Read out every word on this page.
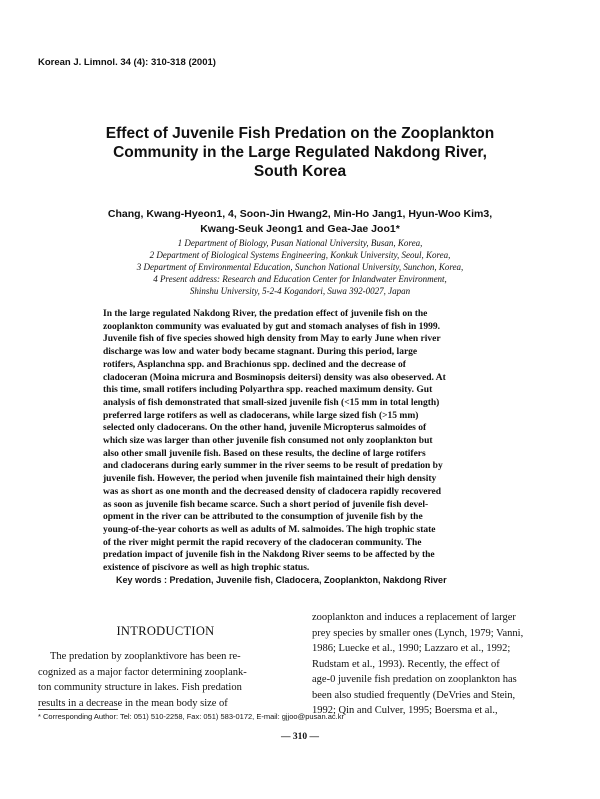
Korean J. Limnol. 34 (4): 310-318 (2001)
Effect of Juvenile Fish Predation on the Zooplankton
Community in the Large Regulated Nakdong River,
South Korea
Chang, Kwang-Hyeon1, 4, Soon-Jin Hwang2, Min-Ho Jang1, Hyun-Woo Kim3,
Kwang-Seuk Jeong1 and Gea-Jae Joo1*
1 Department of Biology, Pusan National University, Busan, Korea,
2 Department of Biological Systems Engineering, Konkuk University, Seoul, Korea,
3 Department of Environmental Education, Sunchon National University, Sunchon, Korea,
4 Present address: Research and Education Center for Inlandwater Environment,
Shinshu University, 5-2-4 Kogandori, Suwa 392-0027, Japan
In the large regulated Nakdong River, the predation effect of juvenile fish on the
zooplankton community was evaluated by gut and stomach analyses of fish in 1999.
Juvenile fish of five species showed high density from May to early June when river
discharge was low and water body became stagnant. During this period, large
rotifers, Asplanchna spp. and Brachionus spp. declined and the decrease of
cladoceran (Moina micrura and Bosminopsis deitersi) density was also obeserved. At
this time, small rotifers including Polyarthra spp. reached maximum density. Gut
analysis of fish demonstrated that small-sized juvenile fish (<15 mm in total length)
preferred large rotifers as well as cladocerans, while large sized fish (>15 mm)
selected only cladocerans. On the other hand, juvenile Micropterus salmoides of
which size was larger than other juvenile fish consumed not only zooplankton but
also other small juvenile fish. Based on these results, the decline of large rotifers
and cladocerans during early summer in the river seems to be result of predation by
juvenile fish. However, the period when juvenile fish maintained their high density
was as short as one month and the decreased density of cladocera rapidly recovered
as soon as juvenile fish became scarce. Such a short period of juvenile fish devel-
opment in the river can be attributed to the consumption of juvenile fish by the
young-of-the-year cohorts as well as adults of M. salmoides. The high trophic state
of the river might permit the rapid recovery of the cladoceran community. The
predation impact of juvenile fish in the Nakdong River seems to be affected by the
existence of piscivore as well as high trophic status.
Key words : Predation, Juvenile fish, Cladocera, Zooplankton, Nakdong River
INTRODUCTION
The predation by zooplanktivore has been re-
cognized as a major factor determining zooplank-
ton community structure in lakes. Fish predation
results in a decrease in the mean body size of
zooplankton and induces a replacement of larger
prey species by smaller ones (Lynch, 1979; Vanni,
1986; Luecke et al., 1990; Lazzaro et al., 1992;
Rudstam et al., 1993). Recently, the effect of
age-0 juvenile fish predation on zooplankton has
been also studied frequently (DeVries and Stein,
1992; Qin and Culver, 1995; Boersma et al.,
* Corresponding Author: Tel: 051) 510-2258, Fax: 051) 583-0172, E-mail: gjjoo@pusan.ac.kr
— 310 —
